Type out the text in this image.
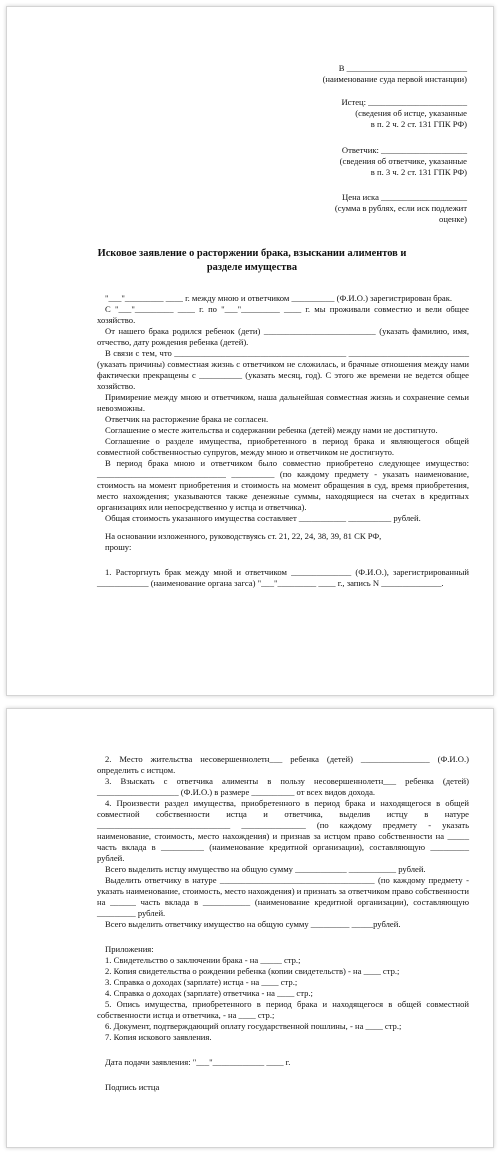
В ____________________________
(наименование суда первой инстанции)
Истец: _______________________
(сведения об истце, указанные
в п. 2 ч. 2 ст. 131 ГПК РФ)
Ответчик: ____________________
(сведения об ответчике, указанные
в п. 3 ч. 2 ст. 131 ГПК РФ)
Цена иска ____________________
(сумма в рублях, если иск подлежит
оценке)
Исковое заявление о расторжении брака, взыскании алиментов и
разделе имущества

"___"_________ ____ г. между мною и ответчиком __________ (Ф.И.О.) зарегистрирован брак.

С "___"_________ ____ г. по "___"_________ ____ г. мы проживали совместно и вели общее хозяйство.

От нашего брака родился ребенок (дети) __________________________ (указать фамилию, имя, отчество, дату рождения ребенка (детей).

В связи с тем, что ________________________________________ ____________________________ (указать причины) совместная жизнь с ответчиком не сложилась, и брачные отношения между нами фактически прекращены с __________ (указать месяц, год). С этого же времени не ведется общее хозяйство.

Примирение между мною и ответчиком, наша дальнейшая совместная жизнь и сохранение семьи невозможны.

Ответчик на расторжение брака не согласен.

Соглашение о месте жительства и содержании ребенка (детей) между нами не достигнуто.

Соглашение о разделе имущества, приобретенного в период брака и являющегося общей совместной собственностью супругов, между мною и ответчиком не достигнуто.

В период брака мною и ответчиком было совместно приобретено следующее имущество: ______________________________ __________ (по каждому предмету - указать наименование, стоимость на момент приобретения и стоимость на момент обращения в суд, время приобретения, место нахождения; указываются также денежные суммы, находящиеся на счетах в кредитных организациях или непосредственно у истца и ответчика).

Общая стоимость указанного имущества составляет ___________ __________ рублей.

На основании изложенного, руководствуясь ст. 21, 22, 24, 38, 39, 81 СК РФ,

прошу:

1. Расторгнуть брак между мной и ответчиком ______________ (Ф.И.О.), зарегистрированный ____________ (наименование органа загса) "___"_________ ____ г., запись N ______________.

2. Место жительства несовершеннолетн___ ребенка (детей) ________________ (Ф.И.О.) определить с истцом.

3. Взыскать с ответчика алименты в пользу несовершеннолетн___ ребенка (детей) ___________________ (Ф.И.О.) в размере __________ от всех видов дохода.

4. Произвести раздел имущества, приобретенного в период брака и находящегося в общей совместной собственности истца и ответчика, выделив истцу в натуре _______________________________ _______________ (по каждому предмету - указать наименование, стоимость, место нахождения) и признав за истцом право собственности на _____ часть вклада в __________ (наименование кредитной организации), составляющую _________ рублей.

Всего выделить истцу имущество на общую сумму ____________ ___________ рублей.

Выделить ответчику в натуре ____________________________________ (по каждому предмету - указать наименование, стоимость, место нахождения) и признать за ответчиком право собственности на ______ часть вклада в ___________ (наименование кредитной организации), составляющую _________ рублей.

Всего выделить ответчику имущество на общую сумму _________ _____рублей.

Приложения:

1. Свидетельство о заключении брака - на _____ стр.;

2. Копия свидетельства о рождении ребенка (копии свидетельств) - на ____ стр.;

3. Справка о доходах (зарплате) истца - на ____ стр.;

4. Справка о доходах (зарплате) ответчика - на ____ стр.;

5. Опись имущества, приобретенного в период брака и находящегося в общей совместной собственности истца и ответчика, - на ____ стр.;

6. Документ, подтверждающий оплату государственной пошлины, - на ____ стр.;

7. Копия искового заявления.

Дата подачи заявления: "___"____________ ____ г.

Подпись истца
